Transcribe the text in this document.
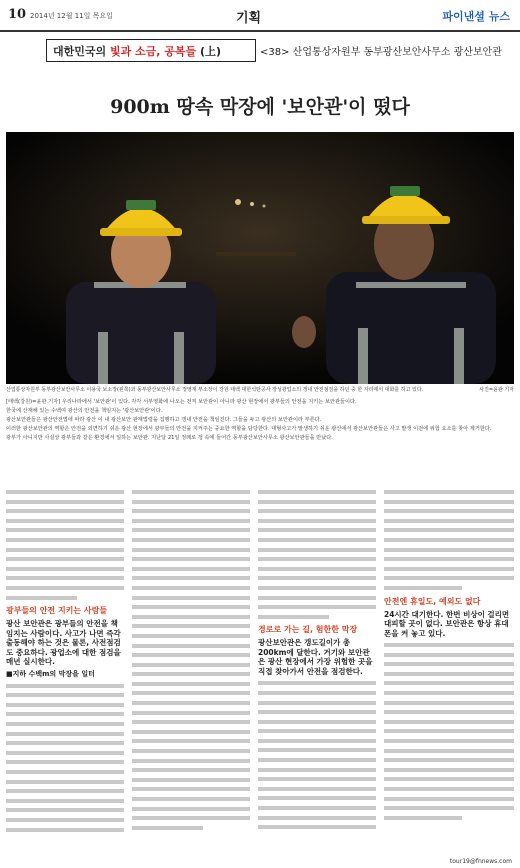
10 2014년 12월 11일 목요일	기획	파이낸셜 뉴스
대한민국의 빛과 소금, 공복들 (上)	<38> 산업통상자원부 동부광산보안사무소 광산보안관
900m 땅속 막장에 '보안관'이 떴다
산업통상자원부 동부광산보안사무소 이용국 보소장(왼쪽)과 동부광산보안사무소 정영재 부소장이 강원 태백 대한석탄공사 장성광업소의 갱내 안전점검을 하던 중 한 자리에서 대화를 하고 있다.	사진=윤관 기자
[태백(강원)=윤관 기자] 우리나라에서 '보안관'이 있다. 각각 서부영화에 나오는 전직 보안관이 아니라 광산 현장에서 광부들의 안전을 지키는 보안관들이다.
한국에 산재해 있는 수백여 광산의 안전을 책임지는 '광산보안관'이다.
광산보안관들은 광산안전법에 따라 광산 이 내 광산보안 관계법령을 집행하고 갱내 안전을 책임진다. 그들을 두고 광산의 보안관이라 부른다.
이러한 광산보안관의 역할은 안전을 외면하기 쉬운 광산 현장에서 광부들의 안전을 지켜주는 중요한 역할을 담당한다. 대형사고가 발생하기 쉬운 광산에서 광산보안관들은 사고 발생 이전에 위험 요소를 찾아 제거한다.
광부가 아니지만 사실상 광부들과 같은 환경에서 일하는 보안관. 지난달 21일 정례로 갱 속에 들어간 동부광산보안사무소 광산보안관들을 만났다.
광부들의 안전 지키는 사람들
광산 보안관은 광부들의 안전을 책임지는 사람이다. 사고가 나면 즉각 출동해야 하는 것은 물론, 사전점검도 중요하다. 광업소에 대한 점검을 매년 실시한다.
■지하 수백m의 막장을 일터
경로로 가는 길, 험한한 막장
광산보안관은 갱도길이가 총 200km에 달한다. 거기와 보안관은 광산 현장에서 가장 위험한 곳을 직접 찾아가서 안전을 점검한다.
안전엔 휴일도, 예외도 없다
24시간 대기한다. 한번 비상이 걸리면 대피할 곳이 없다. 보안관은 항상 휴대폰을 켜 놓고 있다.
tour19@fnnews.com
